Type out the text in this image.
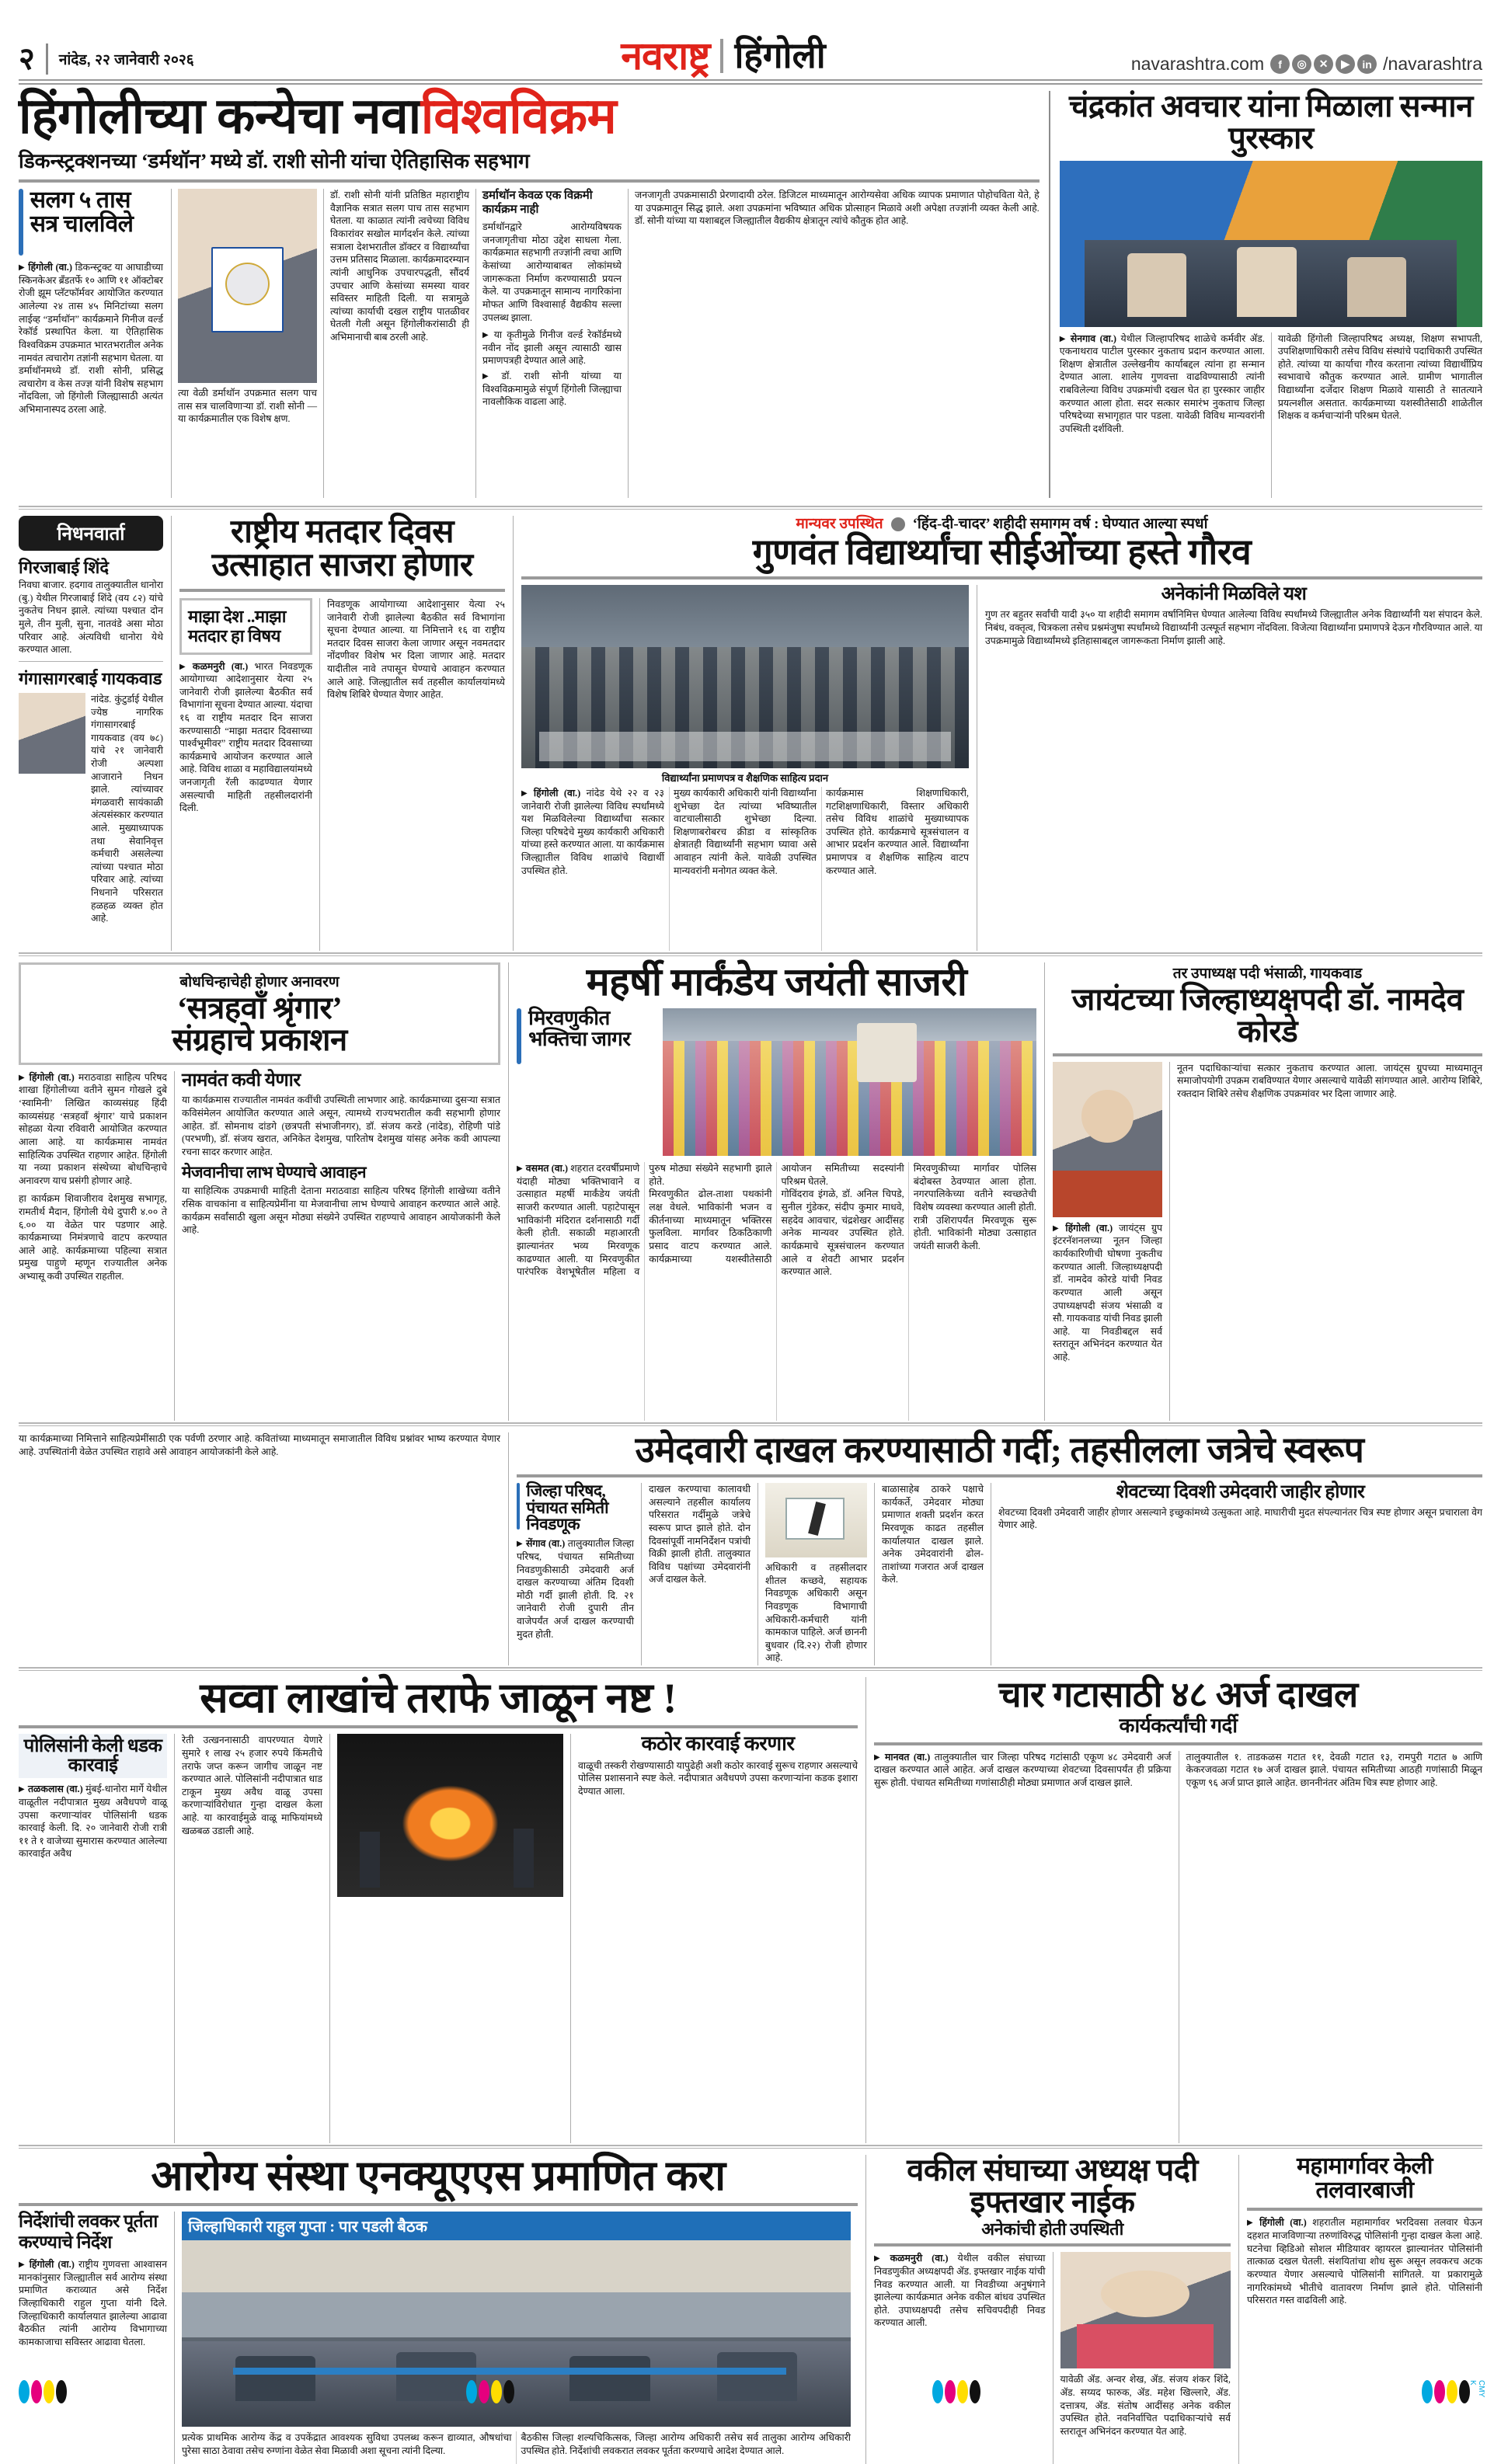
२ नांदेड, २२ जानेवारी २०२६	नवराष्ट्र हिंगोली	navarashtra.com	f	◎	✕	▶	in /navarashtra
हिंगोलीच्या कन्येचा नवा विश्वविक्रम
डिकन्स्ट्रक्शनच्या ‘डर्मथॉन’ मध्ये डॉ. राशी सोनी यांचा ऐतिहासिक सहभाग
सलग ५ तास सत्र चालविले

▶ हिंगोली (वा.) डिकन्स्ट्रक्ट या आघाडीच्या स्किनकेअर ब्रँडतर्फे १० आणि ११ ऑक्टोबर रोजी झूम प्लॅटफॉर्मवर आयोजित करण्यात आलेल्या २४ तास ४५ मिनिटांच्या सलग लाईव्ह “डर्माथॉन” कार्यक्रमाने गिनीज वर्ल्ड रेकॉर्ड प्रस्थापित केला. या ऐतिहासिक विश्वविक्रम उपक्रमात भारतभरातील अनेक नामवंत त्वचारोग तज्ञांनी सहभाग घेतला. या डर्माथॉनमध्ये डॉ. राशी सोनी, प्रसिद्ध त्वचारोग व केस तज्ज्ञ यांनी विशेष सहभाग नोंदविला, जो हिंगोली जिल्ह्यासाठी अत्यंत अभिमानास्पद ठरला आहे.

त्या वेळी डर्माथॉन उपक्रमात सलग पाच तास सत्र चालविणाऱ्या डॉ. राशी सोनी — या कार्यक्रमातील एक विशेष क्षण.

डॉ. राशी सोनी यांनी प्रतिष्ठित महाराष्ट्रीय वैज्ञानिक सत्रात सलग पाच तास सहभाग घेतला. या काळात त्यांनी त्वचेच्या विविध विकारांवर सखोल मार्गदर्शन केले. त्यांच्या सत्राला देशभरातील डॉक्टर व विद्यार्थ्यांचा उत्तम प्रतिसाद मिळाला. कार्यक्रमादरम्यान त्यांनी आधुनिक उपचारपद्धती, सौंदर्य उपचार आणि केसांच्या समस्या यावर सविस्तर माहिती दिली. या सत्रामुळे त्यांच्या कार्याची दखल राष्ट्रीय पातळीवर घेतली गेली असून हिंगोलीकरांसाठी ही अभिमानाची बाब ठरली आहे.
डर्माथॉन केवळ एक विक्रमी कार्यक्रम नाही
डर्माथॉनद्वारे आरोग्यविषयक जनजागृतीचा मोठा उद्देश साधला गेला. कार्यक्रमात सहभागी तज्ज्ञांनी त्वचा आणि केसांच्या आरोग्याबाबत लोकांमध्ये जागरूकता निर्माण करण्यासाठी प्रयत्न केले. या उपक्रमातून सामान्य नागरिकांना मोफत आणि विश्वासार्ह वैद्यकीय सल्ला उपलब्ध झाला.

▶ या कृतीमुळे गिनीज वर्ल्ड रेकॉर्डमध्ये नवीन नोंद झाली असून त्यासाठी खास प्रमाणपत्रही देण्यात आले आहे.

▶ डॉ. राशी सोनी यांच्या या विश्वविक्रमामुळे संपूर्ण हिंगोली जिल्ह्याचा नावलौकिक वाढला आहे.

जनजागृती उपक्रमासाठी प्रेरणादायी ठरेल. डिजिटल माध्यमातून आरोग्यसेवा अधिक व्यापक प्रमाणात पोहोचविता येते, हे या उपक्रमातून सिद्ध झाले. अशा उपक्रमांना भविष्यात अधिक प्रोत्साहन मिळावे अशी अपेक्षा तज्ज्ञांनी व्यक्त केली आहे. डॉ. सोनी यांच्या या यशाबद्दल जिल्ह्यातील वैद्यकीय क्षेत्रातून त्यांचे कौतुक होत आहे.
चंद्रकांत अवचार यांना मिळाला सन्मान पुरस्कार

▶ सेनगाव (वा.) येथील जिल्हापरिषद शाळेचे कर्मवीर ॲड. एकनाथराव पाटील पुरस्कार नुकताच प्रदान करण्यात आला. शिक्षण क्षेत्रातील उल्लेखनीय कार्याबद्दल त्यांना हा सन्मान देण्यात आला. शालेय गुणवत्ता वाढविण्यासाठी त्यांनी राबविलेल्या विविध उपक्रमांची दखल घेत हा पुरस्कार जाहीर करण्यात आला होता. सदर सत्कार समारंभ नुकताच जिल्हा परिषदेच्या सभागृहात पार पडला. यावेळी विविध मान्यवरांनी उपस्थिती दर्शविली.

यावेळी हिंगोली जिल्हापरिषद अध्यक्ष, शिक्षण सभापती, उपशिक्षणाधिकारी तसेच विविध संस्थांचे पदाधिकारी उपस्थित होते. त्यांच्या या कार्याचा गौरव करताना त्यांच्या विद्यार्थीप्रिय स्वभावाचे कौतुक करण्यात आले. ग्रामीण भागातील विद्यार्थ्यांना दर्जेदार शिक्षण मिळावे यासाठी ते सातत्याने प्रयत्नशील असतात. कार्यक्रमाच्या यशस्वीतेसाठी शाळेतील शिक्षक व कर्मचाऱ्यांनी परिश्रम घेतले.
निधनवार्ता
गिरजाबाई शिंदे
निवघा बाजार. हदगाव तालुक्यातील धानोरा (बु.) येथील गिरजाबाई शिंदे (वय ८२) यांचे नुकतेच निधन झाले. त्यांच्या पश्चात दोन मुले, तीन मुली, सुना, नातवंडे असा मोठा परिवार आहे. अंत्यविधी धानोरा येथे करण्यात आला.
गंगासागरबाई गायकवाड
नांदेड. कुंटुर्डाई येथील ज्येष्ठ नागरिक गंगासागरबाई गायकवाड (वय ७८) यांचे २१ जानेवारी रोजी अल्पशा आजाराने निधन झाले. त्यांच्यावर मंगळवारी सायंकाळी अंत्यसंस्कार करण्यात आले. मुख्याध्यापक तथा सेवानिवृत्त कर्मचारी असलेल्या त्यांच्या पश्चात मोठा परिवार आहे. त्यांच्या निधनाने परिसरात हळहळ व्यक्त होत आहे.
राष्ट्रीय मतदार दिवस उत्साहात साजरा होणार
माझा देश ..माझा मतदार हा विषय

▶ कळमनुरी (वा.) भारत निवडणूक आयोगाच्या आदेशानुसार येत्या २५ जानेवारी रोजी झालेल्या बैठकीत सर्व विभागांना सूचना देण्यात आल्या. यंदाचा १६ वा राष्ट्रीय मतदार दिन साजरा करण्यासाठी “माझा मतदार दिवसाच्या पार्श्वभूमीवर” राष्ट्रीय मतदार दिवसाच्या कार्यक्रमाचे आयोजन करण्यात आले आहे. विविध शाळा व महाविद्यालयांमध्ये जनजागृती रॅली काढण्यात येणार असल्याची माहिती तहसीलदारांनी दिली.

निवडणूक आयोगाच्या आदेशानुसार येत्या २५ जानेवारी रोजी झालेल्या बैठकीत सर्व विभागांना सूचना देण्यात आल्या. या निमित्ताने १६ वा राष्ट्रीय मतदार दिवस साजरा केला जाणार असून नवमतदार नोंदणीवर विशेष भर दिला जाणार आहे. मतदार यादीतील नावे तपासून घेण्याचे आवाहन करण्यात आले आहे. जिल्ह्यातील सर्व तहसील कार्यालयांमध्ये विशेष शिबिरे घेण्यात येणार आहेत.
मान्यवर उपस्थित ‘हिंद-दी-चादर’ शहीदी समागम वर्ष : घेण्यात आल्या स्पर्धा
गुणवंत विद्यार्थ्यांचा सीईओंच्या हस्ते गौरव
विद्यार्थ्यांना प्रमाणपत्र व शैक्षणिक साहित्य प्रदान

▶ हिंगोली (वा.) नांदेड येथे २२ व २३ जानेवारी रोजी झालेल्या विविध स्पर्धांमध्ये यश मिळविलेल्या विद्यार्थ्यांचा सत्कार जिल्हा परिषदेचे मुख्य कार्यकारी अधिकारी यांच्या हस्ते करण्यात आला. या कार्यक्रमास जिल्ह्यातील विविध शाळांचे विद्यार्थी उपस्थित होते.

मुख्य कार्यकारी अधिकारी यांनी विद्यार्थ्यांना शुभेच्छा देत त्यांच्या भविष्यातील वाटचालीसाठी शुभेच्छा दिल्या. शिक्षणाबरोबरच क्रीडा व सांस्कृतिक क्षेत्रातही विद्यार्थ्यांनी सहभाग घ्यावा असे आवाहन त्यांनी केले. यावेळी उपस्थित मान्यवरांनी मनोगत व्यक्त केले.
कार्यक्रमास शिक्षणाधिकारी, गटशिक्षणाधिकारी, विस्तार अधिकारी तसेच विविध शाळांचे मुख्याध्यापक उपस्थित होते. कार्यक्रमाचे सूत्रसंचालन व आभार प्रदर्शन करण्यात आले. विद्यार्थ्यांना प्रमाणपत्र व शैक्षणिक साहित्य वाटप करण्यात आले.
अनेकांनी मिळविले यश
गुण तर बहुतर सर्वांची यादी ३५० या शहीदी समागम वर्षानिमित्त घेण्यात आलेल्या विविध स्पर्धांमध्ये जिल्ह्यातील अनेक विद्यार्थ्यांनी यश संपादन केले. निबंध, वक्तृत्व, चित्रकला तसेच प्रश्नमंजुषा स्पर्धांमध्ये विद्यार्थ्यांनी उत्स्फूर्त सहभाग नोंदविला. विजेत्या विद्यार्थ्यांना प्रमाणपत्रे देऊन गौरविण्यात आले. या उपक्रमामुळे विद्यार्थ्यांमध्ये इतिहासाबद्दल जागरूकता निर्माण झाली आहे.
बोधचिन्हाचेही होणार अनावरण
‘सत्रहवाँ श्रृंगार’
संग्रहाचे प्रकाशन

▶ हिंगोली (वा.) मराठवाडा साहित्य परिषद शाखा हिंगोलीच्या वतीने सुमन गोखले दुबे ‘स्वामिनी’ लिखित काव्यसंग्रह हिंदी काव्यसंग्रह ‘सत्रहवाँ श्रृंगार’ याचे प्रकाशन सोहळा येत्या रविवारी आयोजित करण्यात आला आहे. या कार्यक्रमास नामवंत साहित्यिक उपस्थित राहणार आहेत. हिंगोली या नव्या प्रकाशन संस्थेच्या बोधचिन्हाचे अनावरण याच प्रसंगी होणार आहे.

हा कार्यक्रम शिवाजीराव देशमुख सभागृह, रामतीर्थ मैदान, हिंगोली येथे दुपारी ४.०० ते ६.०० या वेळेत पार पडणार आहे. कार्यक्रमाच्या निमंत्रणाचे वाटप करण्यात आले आहे. कार्यक्रमाच्या पहिल्या सत्रात प्रमुख पाहुणे म्हणून राज्यातील अनेक अभ्यासू कवी उपस्थित राहतील.
नामवंत कवी येणार
या कार्यक्रमास राज्यातील नामवंत कवींची उपस्थिती लाभणार आहे. कार्यक्रमाच्या दुसऱ्या सत्रात कविसंमेलन आयोजित करण्यात आले असून, त्यामध्ये राज्यभरातील कवी सहभागी होणार आहेत. डॉ. सोमनाथ दांडगे (छत्रपती संभाजीनगर), डॉ. संजय करडे (नांदेड), रोहिणी पांडे (परभणी), डॉ. संजय खरात, अनिकेत देशमुख, पारितोष देशमुख यांसह अनेक कवी आपल्या रचना सादर करणार आहेत.
मेजवानीचा लाभ घेण्याचे आवाहन
या साहित्यिक उपक्रमाची माहिती देताना मराठवाडा साहित्य परिषद हिंगोली शाखेच्या वतीने रसिक वाचकांना व साहित्यप्रेमींना या मेजवानीचा लाभ घेण्याचे आवाहन करण्यात आले आहे. कार्यक्रम सर्वांसाठी खुला असून मोठ्या संख्येने उपस्थित राहण्याचे आवाहन आयोजकांनी केले आहे.
महर्षी मार्कंडेय जयंती साजरी
मिरवणुकीत भक्तिचा जागर

▶ वसमत (वा.) शहरात दरवर्षीप्रमाणे यंदाही मोठ्या भक्तिभावाने व उत्साहात महर्षी मार्कंडेय जयंती साजरी करण्यात आली. पहाटेपासून भाविकांनी मंदिरात दर्शनासाठी गर्दी केली होती. सकाळी महाआरती झाल्यानंतर भव्य मिरवणूक काढण्यात आली. या मिरवणुकीत पारंपरिक वेशभूषेतील महिला व पुरुष मोठ्या संख्येने सहभागी झाले होते.

मिरवणुकीत ढोल-ताशा पथकांनी लक्ष वेधले. भाविकांनी भजन व कीर्तनाच्या माध्यमातून भक्तिरस फुलविला. मार्गावर ठिकठिकाणी प्रसाद वाटप करण्यात आले. कार्यक्रमाच्या यशस्वीतेसाठी आयोजन समितीच्या सदस्यांनी परिश्रम घेतले.
गोविंदराव इंगळे, डॉ. अनिल चिपडे, सुनील गुंडेकर, संदीप कुमार माधवे, सहदेव आवचार, चंद्रशेखर आदींसह अनेक मान्यवर उपस्थित होते. कार्यक्रमाचे सूत्रसंचालन करण्यात आले व शेवटी आभार प्रदर्शन करण्यात आले.
मिरवणुकीच्या मार्गावर पोलिस बंदोबस्त ठेवण्यात आला होता. नगरपालिकेच्या वतीने स्वच्छतेची विशेष व्यवस्था करण्यात आली होती. रात्री उशिरापर्यंत मिरवणूक सुरू होती. भाविकांनी मोठ्या उत्साहात जयंती साजरी केली.
तर उपाध्यक्ष पदी भंसाळी, गायकवाड
जायंटच्या जिल्हाध्यक्षपदी डॉ. नामदेव कोरडे

▶ हिंगोली (वा.) जायंट्स ग्रुप इंटरनॅशनलच्या नूतन जिल्हा कार्यकारिणीची घोषणा नुकतीच करण्यात आली. जिल्हाध्यक्षपदी डॉ. नामदेव कोरडे यांची निवड करण्यात आली असून उपाध्यक्षपदी संजय भंसाळी व सौ. गायकवाड यांची निवड झाली आहे. या निवडीबद्दल सर्व स्तरातून अभिनंदन करण्यात येत आहे.

नूतन पदाधिकाऱ्यांचा सत्कार नुकताच करण्यात आला. जायंट्स ग्रुपच्या माध्यमातून समाजोपयोगी उपक्रम राबविण्यात येणार असल्याचे यावेळी सांगण्यात आले. आरोग्य शिबिरे, रक्तदान शिबिरे तसेच शैक्षणिक उपक्रमांवर भर दिला जाणार आहे.

या कार्यक्रमाच्या निमित्ताने साहित्यप्रेमींसाठी एक पर्वणी ठरणार आहे. कवितांच्या माध्यमातून समाजातील विविध प्रश्नांवर भाष्य करण्यात येणार आहे. उपस्थितांनी वेळेत उपस्थित राहावे असे आवाहन आयोजकांनी केले आहे.	उमेदवारी दाखल करण्यासाठी गर्दी; तहसीलला जत्रेचे स्वरूप
जिल्हा परिषद, पंचायत समिती निवडणूक

▶ सेंगाव (वा.) तालुक्यातील जिल्हा परिषद, पंचायत समितीच्या निवडणुकीसाठी उमेदवारी अर्ज दाखल करण्याच्या अंतिम दिवशी मोठी गर्दी झाली होती. दि. २१ जानेवारी रोजी दुपारी तीन वाजेपर्यंत अर्ज दाखल करण्याची मुदत होती.

दाखल करण्याचा कालावधी असल्याने तहसील कार्यालय परिसरात गर्दीमुळे जत्रेचे स्वरूप प्राप्त झाले होते. दोन दिवसांपूर्वी नामनिर्देशन पत्रांची विक्री झाली होती. तालुक्यात विविध पक्षांच्या उमेदवारांनी अर्ज दाखल केले.
अधिकारी व तहसीलदार शीतल कच्छवे, सहायक निवडणूक अधिकारी असून निवडणूक विभागाची अधिकारी-कर्मचारी यांनी कामकाज पाहिले. अर्ज छाननी बुधवार (दि.२२) रोजी होणार आहे.
बाळासाहेब ठाकरे पक्षाचे कार्यकर्ते, उमेदवार मोठ्या प्रमाणात शक्ती प्रदर्शन करत मिरवणूक काढत तहसील कार्यालयात दाखल झाले. अनेक उमेदवारांनी ढोल-ताशांच्या गजरात अर्ज दाखल केले.
शेवटच्या दिवशी उमेदवारी जाहीर होणार
शेवटच्या दिवशी उमेदवारी जाहीर होणार असल्याने इच्छुकांमध्ये उत्सुकता आहे. माघारीची मुदत संपल्यानंतर चित्र स्पष्ट होणार असून प्रचाराला वेग येणार आहे.
सव्वा लाखांचे तराफे जाळून नष्ट !
पोलिसांनी केली धडक कारवाई

▶ तळकलास (वा.) मुंबई-धानोरा मार्गे येथील वाळूतील नदीपात्रात मुख्य अवैधपणे वाळू उपसा करणाऱ्यांवर पोलिसांनी धडक कारवाई केली. दि. २० जानेवारी रोजी रात्री ११ ते १ वाजेच्या सुमारास करण्यात आलेल्या कारवाईत अवैध

रेती उत्खननासाठी वापरण्यात येणारे सुमारे १ लाख २५ हजार रुपये किंमतीचे तराफे जप्त करून जागीच जाळून नष्ट करण्यात आले. पोलिसांनी नदीपात्रात धाड टाकून मुख्य अवैध वाळू उपसा करणाऱ्यांविरोधात गुन्हा दाखल केला आहे. या कारवाईमुळे वाळू माफियांमध्ये खळबळ उडाली आहे.
कठोर कारवाई करणार
वाळूची तस्करी रोखण्यासाठी यापुढेही अशी कठोर कारवाई सुरूच राहणार असल्याचे पोलिस प्रशासनाने स्पष्ट केले. नदीपात्रात अवैधपणे उपसा करणाऱ्यांना कडक इशारा देण्यात आला.
चार गटासाठी ४८ अर्ज दाखल
कार्यकर्त्यांची गर्दी

▶ मानवत (वा.) तालुक्यातील चार जिल्हा परिषद गटांसाठी एकूण ४८ उमेदवारी अर्ज दाखल करण्यात आले आहेत. अर्ज दाखल करण्याच्या शेवटच्या दिवसापर्यंत ही प्रक्रिया सुरू होती. पंचायत समितीच्या गणांसाठीही मोठ्या प्रमाणात अर्ज दाखल झाले.

तालुक्यातील १. ताडकळस गटात ११, देवळी गटात १३, रामपुरी गटात ७ आणि केकरजवळा गटात १७ अर्ज दाखल झाले. पंचायत समितीच्या आठही गणांसाठी मिळून एकूण ९६ अर्ज प्राप्त झाले आहेत. छाननीनंतर अंतिम चित्र स्पष्ट होणार आहे.
आरोग्य संस्था एनक्यूएएस प्रमाणित करा
निर्देशांची लवकर पूर्तता करण्याचे निर्देश

▶ हिंगोली (वा.) राष्ट्रीय गुणवत्ता आश्वासन मानकांनुसार जिल्ह्यातील सर्व आरोग्य संस्था प्रमाणित कराव्यात असे निर्देश जिल्हाधिकारी राहुल गुप्ता यांनी दिले. जिल्हाधिकारी कार्यालयात झालेल्या आढावा बैठकीत त्यांनी आरोग्य विभागाच्या कामकाजाचा सविस्तर आढावा घेतला.

जिल्हाधिकारी राहुल गुप्ता : पार पडली बैठक
प्रत्येक प्राथमिक आरोग्य केंद्र व उपकेंद्रात आवश्यक सुविधा उपलब्ध करून द्याव्यात, औषधांचा पुरेसा साठा ठेवावा तसेच रुग्णांना वेळेत सेवा मिळावी अशा सूचना त्यांनी दिल्या.
बैठकीस जिल्हा शल्यचिकित्सक, जिल्हा आरोग्य अधिकारी तसेच सर्व तालुका आरोग्य अधिकारी उपस्थित होते. निर्देशांची लवकरात लवकर पूर्तता करण्याचे आदेश देण्यात आले.
वकील संघाच्या अध्यक्ष पदी इफ्तखार नाईक
अनेकांची होती उपस्थिती

▶ कळमनुरी (वा.) येथील वकील संघाच्या निवडणुकीत अध्यक्षपदी ॲड. इफ्तखार नाईक यांची निवड करण्यात आली. या निवडीच्या अनुषंगाने झालेल्या कार्यक्रमात अनेक वकील बांधव उपस्थित होते. उपाध्यक्षपदी तसेच सचिवपदीही निवड करण्यात आली.

यावेळी ॲड. अन्वर शेख, ॲड. संजय शंकर शिंदे, ॲड. सय्यद फारुक, ॲड. महेश खिल्लारे, ॲड. दत्तात्रय, ॲड. संतोष आदींसह अनेक वकील उपस्थित होते. नवनिर्वाचित पदाधिकाऱ्यांचे सर्व स्तरातून अभिनंदन करण्यात येत आहे.
महामार्गावर केली तलवारबाजी

▶ हिंगोली (वा.) शहरातील महामार्गावर भरदिवसा तलवार घेऊन दहशत माजविणाऱ्या तरुणांविरुद्ध पोलिसांनी गुन्हा दाखल केला आहे. घटनेचा व्हिडिओ सोशल मीडियावर व्हायरल झाल्यानंतर पोलिसांनी तात्काळ दखल घेतली. संशयितांचा शोध सुरू असून लवकरच अटक करण्यात येणार असल्याचे पोलिसांनी सांगितले. या प्रकारामुळे नागरिकांमध्ये भीतीचे वातावरण निर्माण झाले होते. पोलिसांनी परिसरात गस्त वाढविली आहे.

CMY K
